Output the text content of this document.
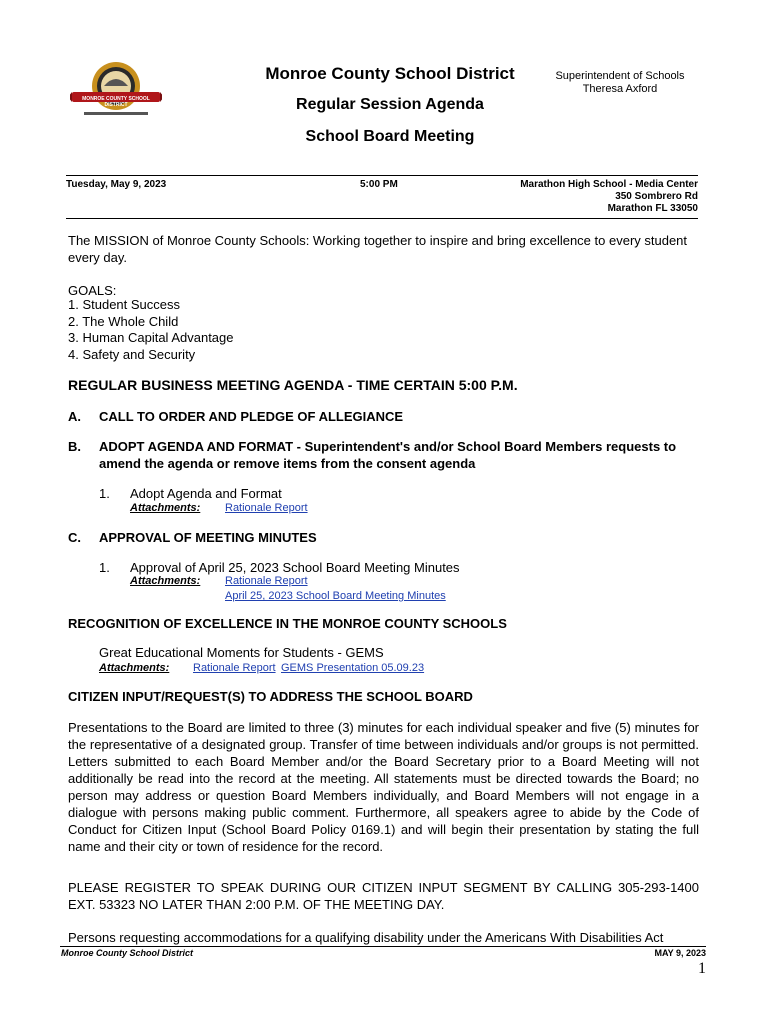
MONROE COUNTY SCHOOL DISTRICT
Monroe County School District
Regular Session Agenda
School Board Meeting
Superintendent of Schools
Theresa Axford
Tuesday, May 9, 2023	5:00 PM	Marathon High School - Media Center
350 Sombrero Rd
Marathon FL 33050
The MISSION of Monroe County Schools: Working together to inspire and bring excellence to every student every day.
GOALS:
1. Student Success
2. The Whole Child
3. Human Capital Advantage
4. Safety and Security
REGULAR BUSINESS MEETING AGENDA - TIME CERTAIN 5:00 P.M.
A. CALL TO ORDER AND PLEDGE OF ALLEGIANCE
B. ADOPT AGENDA AND FORMAT - Superintendent's and/or School Board Members requests to amend the agenda or remove items from the consent agenda
1. Adopt Agenda and Format
Attachments: Rationale Report
C. APPROVAL OF MEETING MINUTES
1. Approval of April 25, 2023 School Board Meeting Minutes
Attachments: Rationale Report
April 25, 2023 School Board Meeting Minutes
RECOGNITION OF EXCELLENCE IN THE MONROE COUNTY SCHOOLS
Great Educational Moments for Students - GEMS
Attachments: Rationale Report GEMS Presentation 05.09.23
CITIZEN INPUT/REQUEST(S) TO ADDRESS THE SCHOOL BOARD
Presentations to the Board are limited to three (3) minutes for each individual speaker and five (5) minutes for the representative of a designated group. Transfer of time between individuals and/or groups is not permitted. Letters submitted to each Board Member and/or the Board Secretary prior to a Board Meeting will not additionally be read into the record at the meeting. All statements must be directed towards the Board; no person may address or question Board Members individually, and Board Members will not engage in a dialogue with persons making public comment. Furthermore, all speakers agree to abide by the Code of Conduct for Citizen Input (School Board Policy 0169.1) and will begin their presentation by stating the full name and their city or town of residence for the record.
PLEASE REGISTER TO SPEAK DURING OUR CITIZEN INPUT SEGMENT BY CALLING 305-293-1400 EXT. 53323 NO LATER THAN 2:00 P.M. OF THE MEETING DAY.
Persons requesting accommodations for a qualifying disability under the Americans With Disabilities Act
Monroe County School District	MAY 9, 2023
1
